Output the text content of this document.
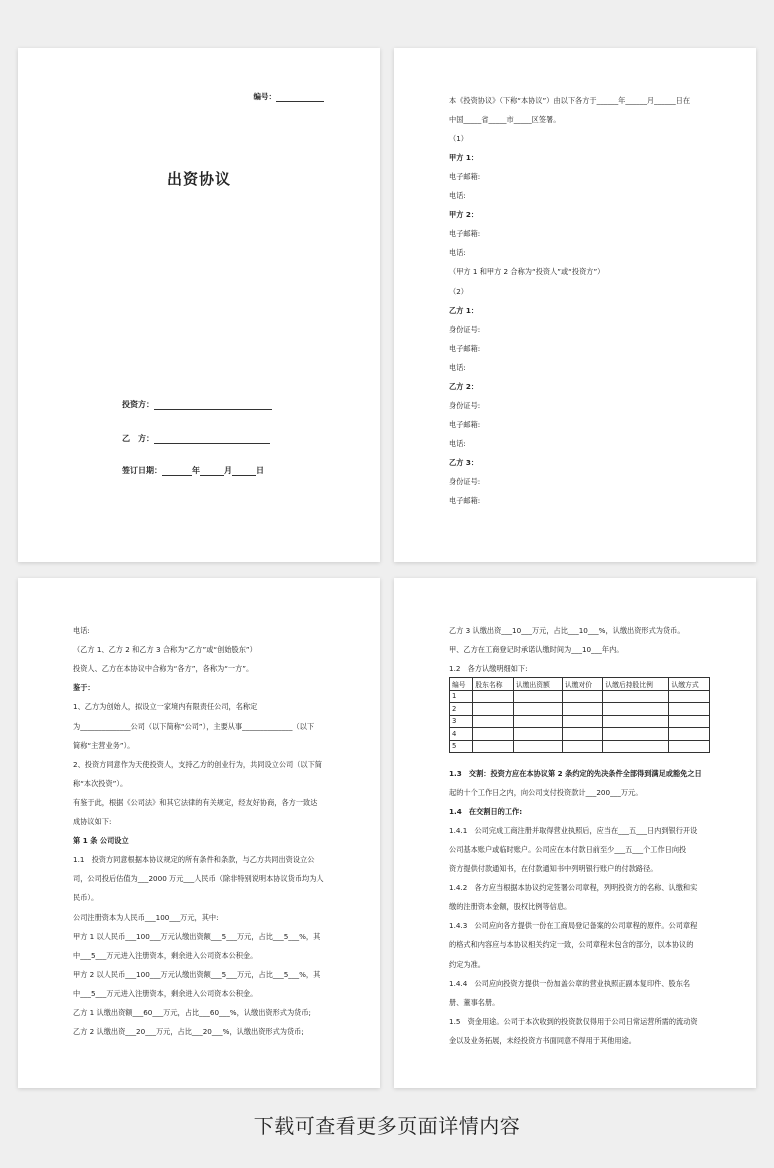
编号：
出资协议
投资方：
乙　方：
签订日期：	年	月	日
本《投资协议》（下称“本协议”）由以下各方于______年______月______日在
中国_____省_____市_____区签署。
（1）
甲方 1：
电子邮箱:
电话:
甲方 2：
电子邮箱:
电话:
（甲方 1 和甲方 2 合称为“投资人”或“投资方”）
（2）
乙方 1：
身份证号:
电子邮箱:
电话:
乙方 2：
身份证号:
电子邮箱:
电话:
乙方 3：
身份证号:
电子邮箱:
电话:
（乙方 1、乙方 2 和乙方 3 合称为“乙方”或“创始股东”）
投资人、乙方在本协议中合称为“各方”，各称为“一方”。
鉴于：
1、乙方为创始人，拟设立一家境内有限责任公司，名称定
为______________公司（以下简称“公司”），主要从事______________（以下
简称“主营业务”）。
2、投资方同意作为天使投资人，支持乙方的创业行为，共同设立公司（以下简
称“本次投资”）。
有鉴于此，根据《公司法》和其它法律的有关规定，经友好协商，各方一致达
成协议如下:
第 1 条 公司设立
1.1　投资方同意根据本协议规定的所有条件和条款，与乙方共同出资设立公
司，公司投后估值为___2000 万元___人民币（除非特别说明本协议货币均为人
民币）。
公司注册资本为人民币___100___万元，其中:
甲方 1 以人民币___100___万元认缴出资额___5___万元，占比___5___%，其
中___5___万元进入注册资本，剩余进入公司资本公积金。
甲方 2 以人民币___100___万元认缴出资额___5___万元，占比___5___%，其
中___5___万元进入注册资本，剩余进入公司资本公积金。
乙方 1 认缴出资额___60___万元，占比___60___%，认缴出资形式为货币;
乙方 2 认缴出资___20___万元，占比___20___%，认缴出资形式为货币;
乙方 3 认缴出资___10___万元，占比___10___%，认缴出资形式为货币。
甲、乙方在工商登记时承诺认缴时间为___10___年内。
1.2　各方认缴明细如下:
编号	股东名称	认缴出资额	认缴对价	认缴后持股比例	认缴方式
1					
2					
3					
4					
5					
1.3　交割：投资方应在本协议第 2 条约定的先决条件全部得到满足或豁免之日
起的十个工作日之内，向公司支付投资款计___200___万元。
1.4　在交割日的工作:
1.4.1　公司完成工商注册并取得营业执照后，应当在___五___日内到银行开设
公司基本账户或临时账户。公司应在本付款日前至少___五___个工作日向投
资方提供付款通知书，在付款通知书中列明银行账户的付款路径。
1.4.2　各方应当根据本协议约定签署公司章程，列明投资方的名称、认缴和实
缴的注册资本金额，股权比例等信息。
1.4.3　公司应向各方提供一份在工商局登记备案的公司章程的原件。公司章程
的格式和内容应与本协议相关约定一致，公司章程未包含的部分，以本协议的
约定为准。
1.4.4　公司应向投资方提供一份加盖公章的营业执照正副本复印件、股东名
册、董事名册。
1.5　资金用途。公司于本次收到的投资款仅得用于公司日常运营所需的流动资
金以及业务拓展，未经投资方书面同意不得用于其他用途。
下载可查看更多页面详情内容
